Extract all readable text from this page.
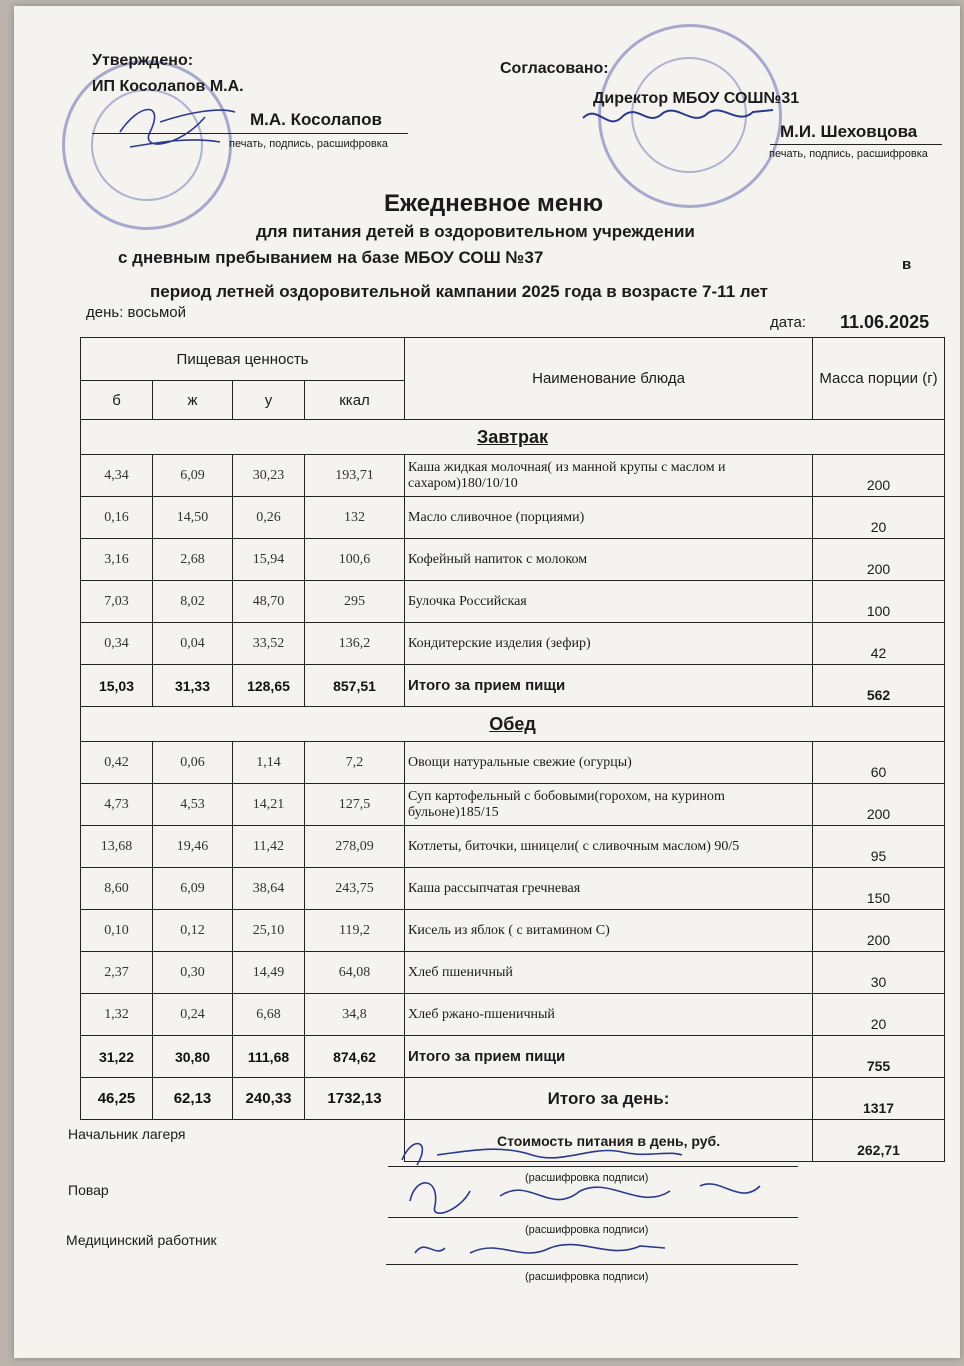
Утверждено:
ИП Косолапов М.А.
М.А. Косолапов
печать, подпись, расшифровка
Согласовано:
Директор МБОУ СОШ№31
М.И. Шеховцова
печать, подпись, расшифровка
Ежедневное меню
для питания детей в оздоровительном учреждении
с дневным пребыванием на базе МБОУ СОШ №37	в
период летней оздоровительной кампании 2025 года в возрасте 7-11 лет
день: восьмой
дата: 11.06.2025
Пищевая ценность				Наименование блюда	Масса порции (г)
б	ж	у	ккал		
Завтрак					
4,34	6,09	30,23	193,71	Каша жидкая молочная( из манной крупы с маслом и сахаром)180/10/10	200
0,16	14,50	0,26	132	Масло сливочное (порциями)	20
3,16	2,68	15,94	100,6	Кофейный напиток с молоком	200
7,03	8,02	48,70	295	Булочка Российская	100
0,34	0,04	33,52	136,2	Кондитерские изделия (зефир)	42
15,03	31,33	128,65	857,51	Итого за прием пищи	562
Обед					
0,42	0,06	1,14	7,2	Овощи натуральные свежие (огурцы)	60
4,73	4,53	14,21	127,5	Суп картофельный с бобовыми(горохом, на куриноm бульоне)185/15	200
13,68	19,46	11,42	278,09	Котлеты, биточки, шницели( с сливочным маслом) 90/5	95
8,60	6,09	38,64	243,75	Каша рассыпчатая гречневая	150
0,10	0,12	25,10	119,2	Кисель из яблок ( с витамином С)	200
2,37	0,30	14,49	64,08	Хлеб пшеничный	30
1,32	0,24	6,68	34,8	Хлеб ржано-пшеничный	20
31,22	30,80	111,68	874,62	Итого за прием пищи	755
46,25	62,13	240,33	1732,13	Итого за день:	1317
				Стоимость питания в день, руб.	262,71
Начальник лагеря
(расшифровка подписи)
Повар
(расшифровка подписи)
Медицинский работник
(расшифровка подписи)
